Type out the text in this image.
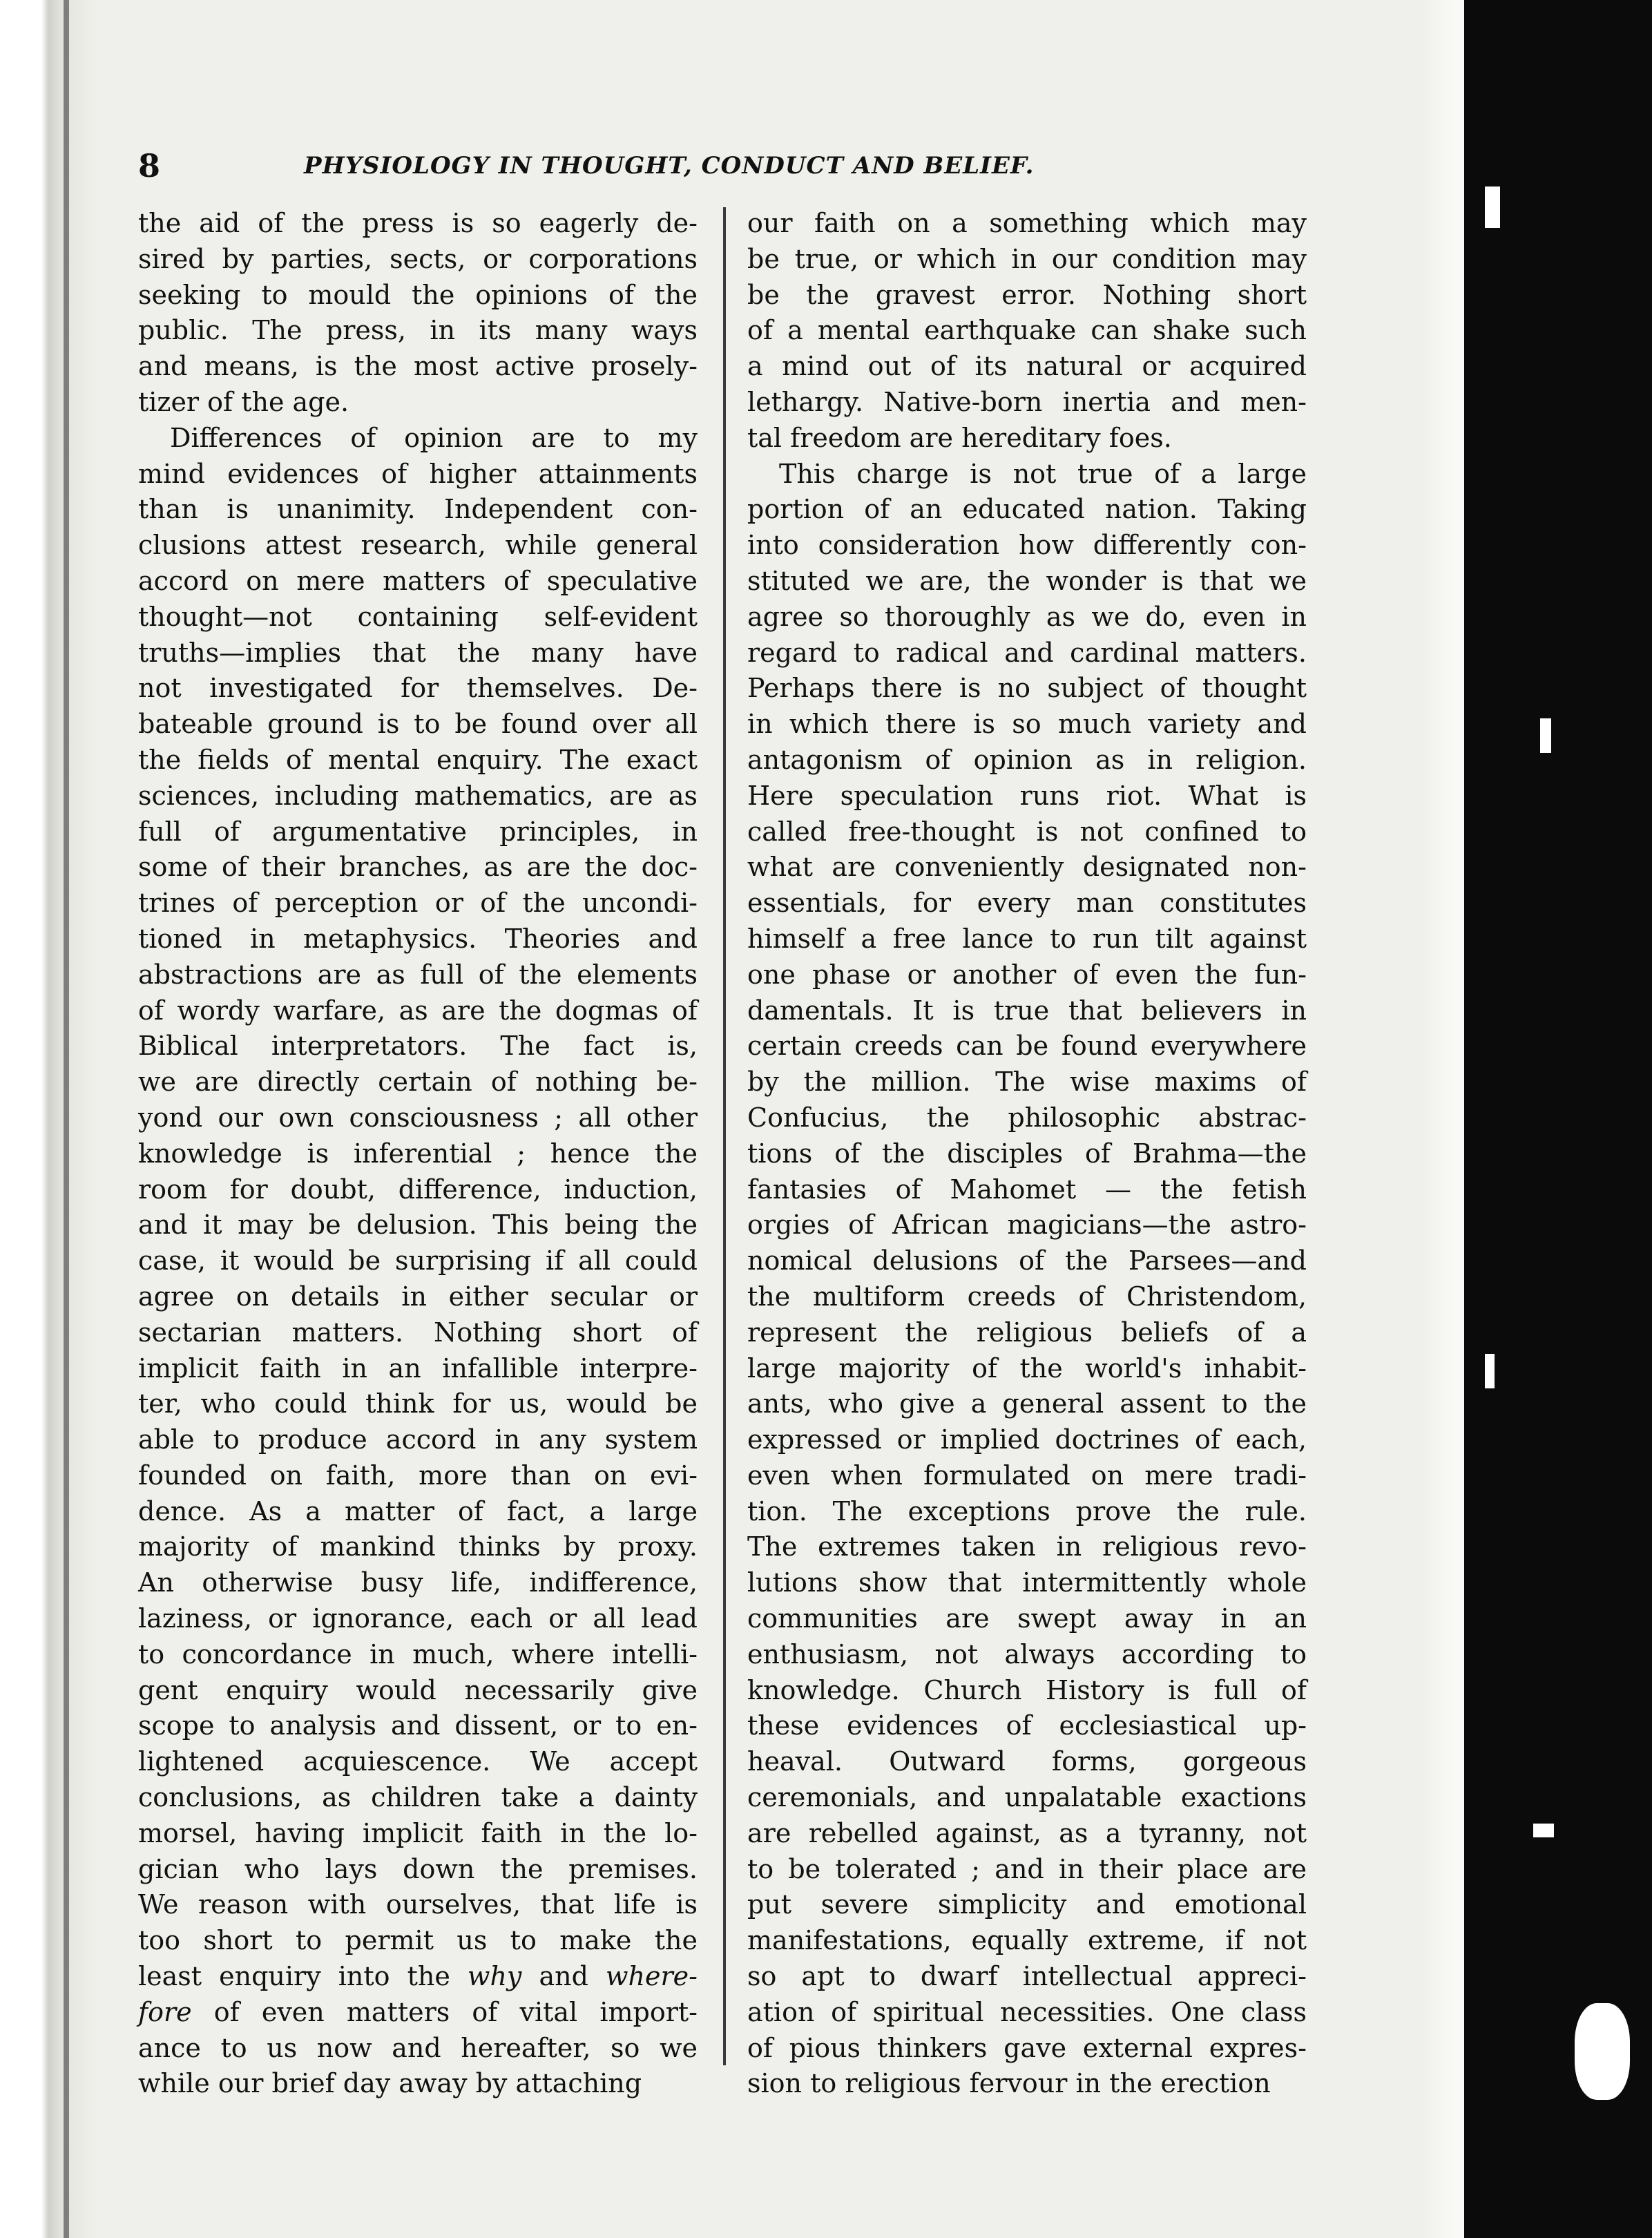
8	PHYSIOLOGY IN THOUGHT, CONDUCT AND BELIEF.

the aid of the press is so eagerly de-
sired by parties, sects, or corporations
seeking to mould the opinions of the
public. The press, in its many ways
and means, is the most active prosely-
tizer of the age.

Differences of opinion are to my
mind evidences of higher attainments
than is unanimity. Independent con-
clusions attest research, while general
accord on mere matters of speculative
thought—not containing self-evident
truths—implies that the many have
not investigated for themselves. De-
bateable ground is to be found over all
the fields of mental enquiry. The exact
sciences, including mathematics, are as
full of argumentative principles, in
some of their branches, as are the doc-
trines of perception or of the uncondi-
tioned in metaphysics. Theories and
abstractions are as full of the elements
of wordy warfare, as are the dogmas of
Biblical interpretators. The fact is,
we are directly certain of nothing be-
yond our own consciousness ; all other
knowledge is inferential ; hence the
room for doubt, difference, induction,
and it may be delusion. This being the
case, it would be surprising if all could
agree on details in either secular or
sectarian matters. Nothing short of
implicit faith in an infallible interpre-
ter, who could think for us, would be
able to produce accord in any system
founded on faith, more than on evi-
dence. As a matter of fact, a large
majority of mankind thinks by proxy.
An otherwise busy life, indifference,
laziness, or ignorance, each or all lead
to concordance in much, where intelli-
gent enquiry would necessarily give
scope to analysis and dissent, or to en-
lightened acquiescence. We accept
conclusions, as children take a dainty
morsel, having implicit faith in the lo-
gician who lays down the premises.
We reason with ourselves, that life is
too short to permit us to make the
least enquiry into the why and where-
fore of even matters of vital import-
ance to us now and hereafter, so we
while our brief day away by attaching

our faith on a something which may
be true, or which in our condition may
be the gravest error. Nothing short
of a mental earthquake can shake such
a mind out of its natural or acquired
lethargy. Native-born inertia and men-
tal freedom are hereditary foes.

This charge is not true of a large
portion of an educated nation. Taking
into consideration how differently con-
stituted we are, the wonder is that we
agree so thoroughly as we do, even in
regard to radical and cardinal matters.
Perhaps there is no subject of thought
in which there is so much variety and
antagonism of opinion as in religion.
Here speculation runs riot. What is
called free-thought is not confined to
what are conveniently designated non-
essentials, for every man constitutes
himself a free lance to run tilt against
one phase or another of even the fun-
damentals. It is true that believers in
certain creeds can be found everywhere
by the million. The wise maxims of
Confucius, the philosophic abstrac-
tions of the disciples of Brahma—the
fantasies of Mahomet — the fetish
orgies of African magicians—the astro-
nomical delusions of the Parsees—and
the multiform creeds of Christendom,
represent the religious beliefs of a
large majority of the world's inhabit-
ants, who give a general assent to the
expressed or implied doctrines of each,
even when formulated on mere tradi-
tion. The exceptions prove the rule.
The extremes taken in religious revo-
lutions show that intermittently whole
communities are swept away in an
enthusiasm, not always according to
knowledge. Church History is full of
these evidences of ecclesiastical up-
heaval. Outward forms, gorgeous
ceremonials, and unpalatable exactions
are rebelled against, as a tyranny, not
to be tolerated ; and in their place are
put severe simplicity and emotional
manifestations, equally extreme, if not
so apt to dwarf intellectual appreci-
ation of spiritual necessities. One class
of pious thinkers gave external expres-
sion to religious fervour in the erection
